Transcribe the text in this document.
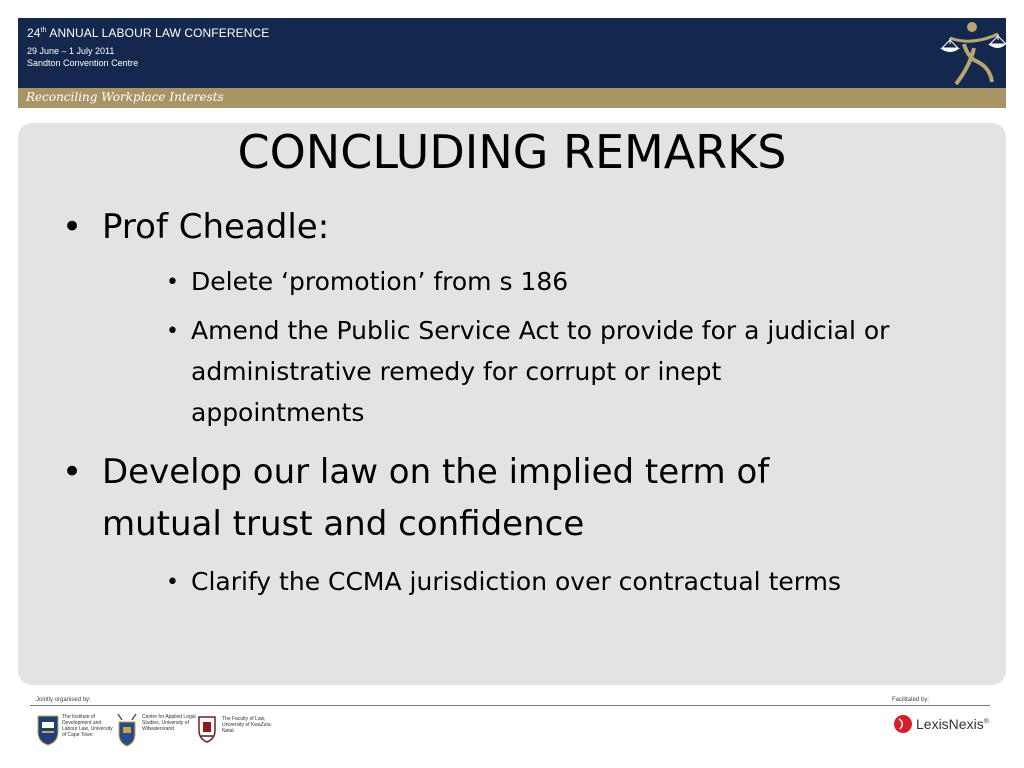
24th ANNUAL LABOUR LAW CONFERENCE
29 June – 1 July 2011
Sandton Convention Centre
Reconciling Workplace Interests
CONCLUDING REMARKS
• Prof Cheadle:
• Delete ‘promotion’ from s 186
• Amend the Public Service Act to provide for a judicial or
administrative remedy for corrupt or inept
appointments
• Develop our law on the implied term of
mutual trust and confidence
• Clarify the CCMA jurisdiction over contractual terms
Jointly organised by:	Facilitated by:
The Institute of Development and Labour Law, University of Cape Town
Centre for Applied Legal Studies, University of Witwatersrand
The Faculty of Law, University of KwaZulu-Natal	LexisNexis®
